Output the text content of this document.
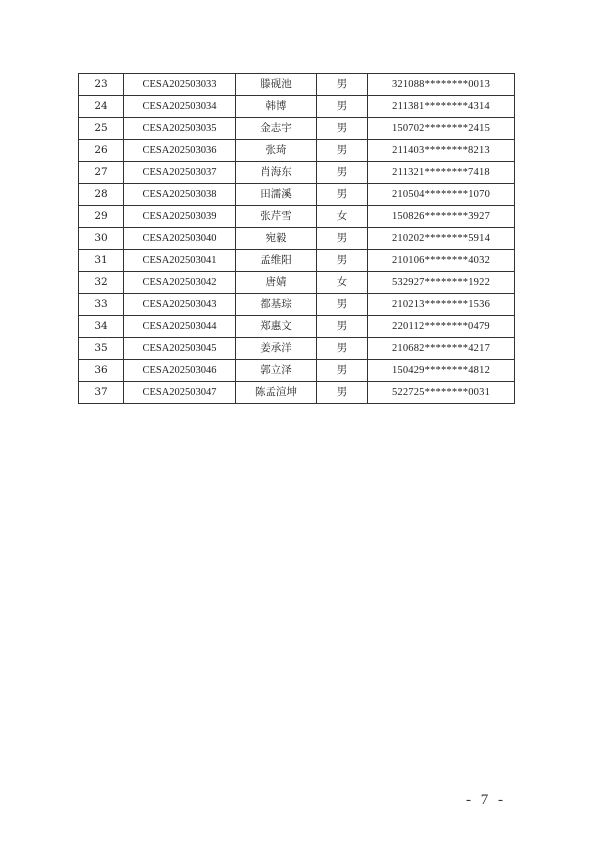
23	CESA202503033	滕砚池	男	321088********0013
24	CESA202503034	韩博	男	211381********4314
25	CESA202503035	金志宇	男	150702********2415
26	CESA202503036	张琦	男	211403********8213
27	CESA202503037	肖海东	男	211321********7418
28	CESA202503038	田濡溪	男	210504********1070
29	CESA202503039	张芹雪	女	150826********3927
30	CESA202503040	宛毅	男	210202********5914
31	CESA202503041	孟维阳	男	210106********4032
32	CESA202503042	唐婧	女	532927********1922
33	CESA202503043	都基琮	男	210213********1536
34	CESA202503044	郑惠文	男	220112********0479
35	CESA202503045	姜承洋	男	210682********4217
36	CESA202503046	郭立泽	男	150429********4812
37	CESA202503047	陈孟渲坤	男	522725********0031
- 7 -
